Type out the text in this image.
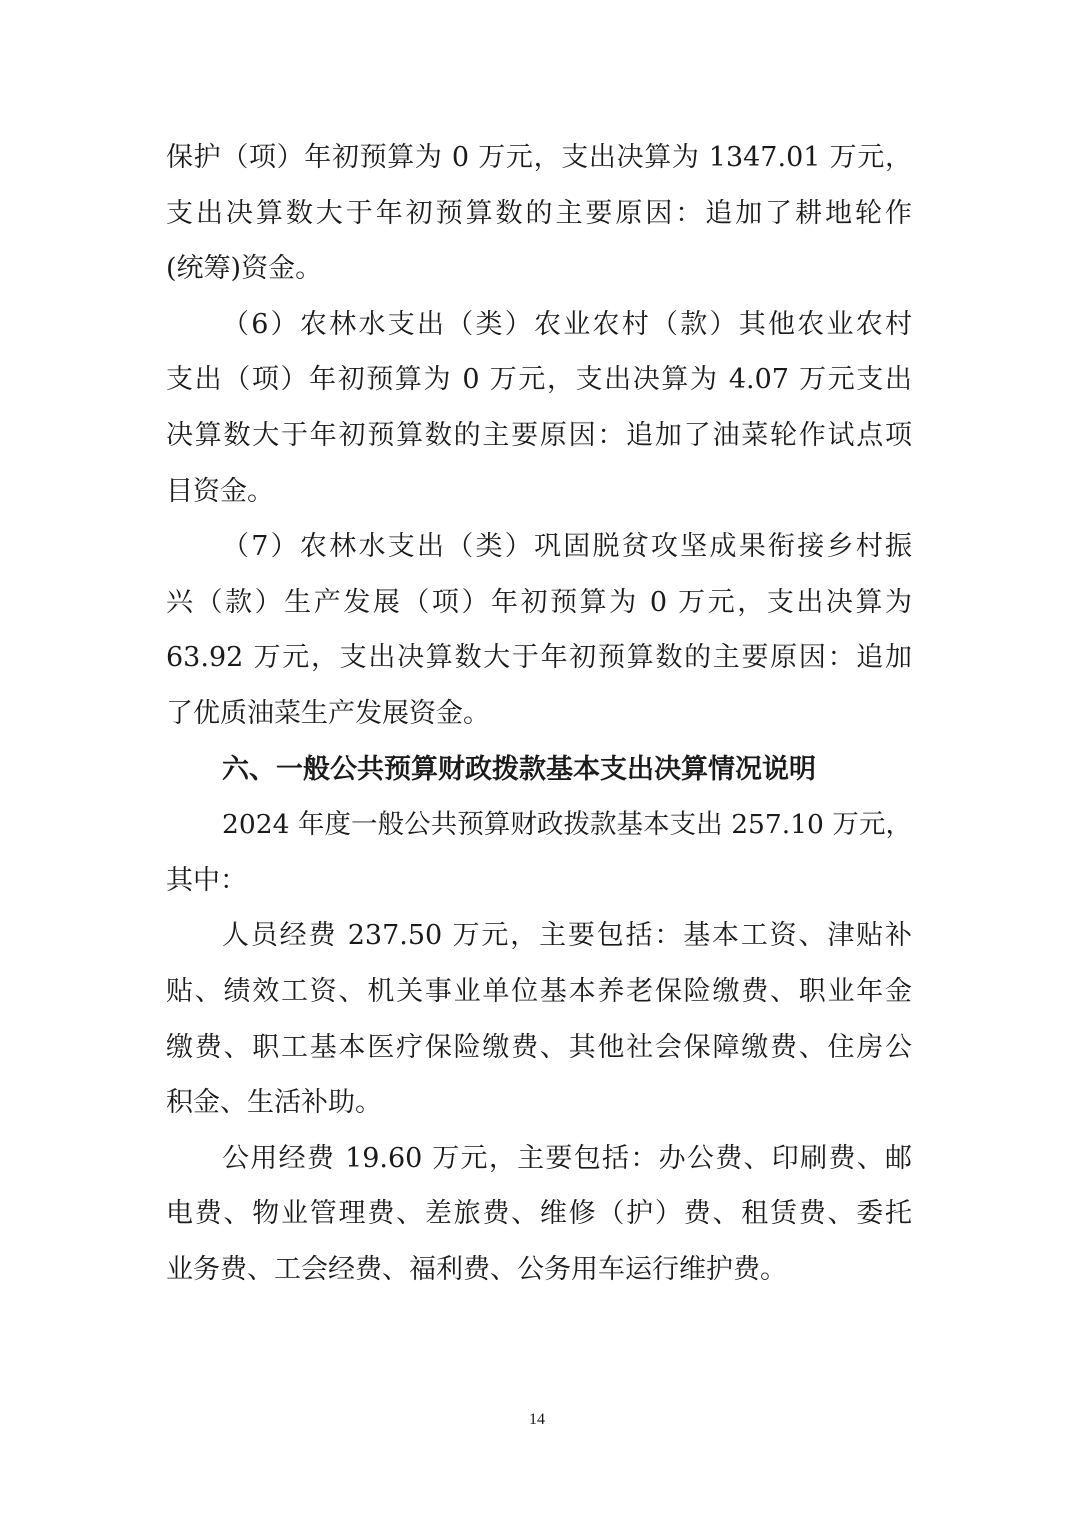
保护（项）年初预算为 0 万元，支出决算为 1347.01 万元，
支出决算数大于年初预算数的主要原因：追加了耕地轮作
(统筹)资金。
（6）农林水支出（类）农业农村（款）其他农业农村
支出（项）年初预算为 0 万元，支出决算为 4.07 万元支出
决算数大于年初预算数的主要原因：追加了油菜轮作试点项
目资金。
（7）农林水支出（类）巩固脱贫攻坚成果衔接乡村振
兴（款）生产发展（项）年初预算为 0 万元，支出决算为
63.92 万元，支出决算数大于年初预算数的主要原因：追加
了优质油菜生产发展资金。
六、一般公共预算财政拨款基本支出决算情况说明
2024 年度一般公共预算财政拨款基本支出 257.10 万元，
其中：
人员经费 237.50 万元，主要包括：基本工资、津贴补
贴、绩效工资、机关事业单位基本养老保险缴费、职业年金
缴费、职工基本医疗保险缴费、其他社会保障缴费、住房公
积金、生活补助。
公用经费 19.60 万元，主要包括：办公费、印刷费、邮
电费、物业管理费、差旅费、维修（护）费、租赁费、委托
业务费、工会经费、福利费、公务用车运行维护费。
14
